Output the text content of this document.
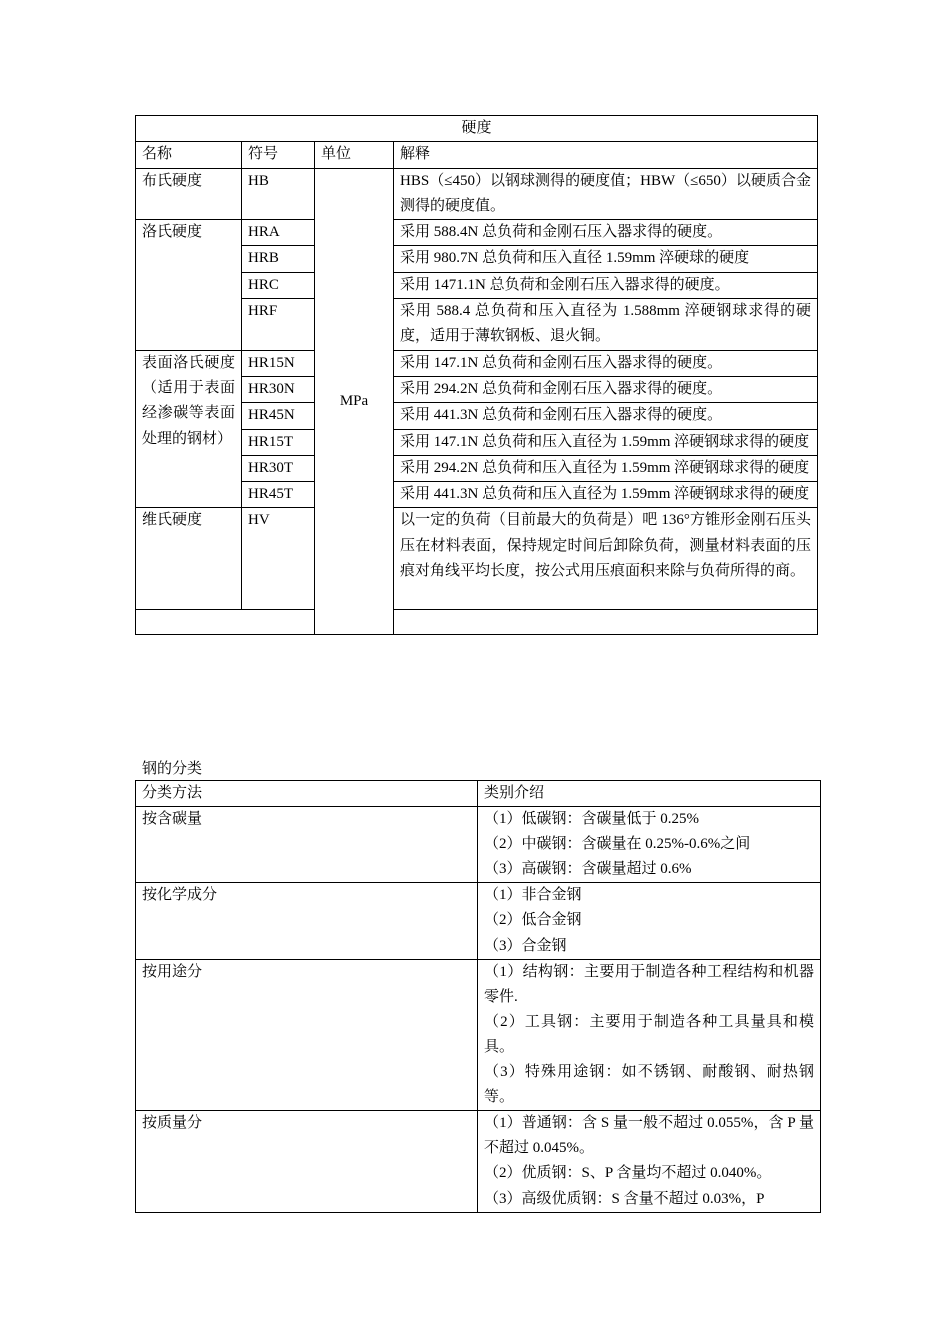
硬度			
名称	符号	单位	解释
布氏硬度	HB	MPa	HBS（≤450）以钢球测得的硬度值；HBW（≤650）以硬质合金测得的硬度值。
洛氏硬度	HRA		采用 588.4N 总负荷和金刚石压入器求得的硬度。
	HRB		采用 980.7N 总负荷和压入直径 1.59mm 淬硬球的硬度
	HRC		采用 1471.1N 总负荷和金刚石压入器求得的硬度。
	HRF		采用 588.4 总负荷和压入直径为 1.588mm 淬硬钢球求得的硬度，适用于薄软钢板、退火铜。
表面洛氏硬度（适用于表面经渗碳等表面处理的钢材）	HR15N		采用 147.1N 总负荷和金刚石压入器求得的硬度。
	HR30N		采用 294.2N 总负荷和金刚石压入器求得的硬度。
	HR45N		采用 441.3N 总负荷和金刚石压入器求得的硬度。
	HR15T		采用 147.1N 总负荷和压入直径为 1.59mm 淬硬钢球求得的硬度
	HR30T		采用 294.2N 总负荷和压入直径为 1.59mm 淬硬钢球求得的硬度
	HR45T		采用 441.3N 总负荷和压入直径为 1.59mm 淬硬钢球求得的硬度
维氏硬度	HV		以一定的负荷（目前最大的负荷是）吧 136°方锥形金刚石压头压在材料表面，保持规定时间后卸除负荷，测量材料表面的压痕对角线平均长度，按公式用压痕面积来除与负荷所得的商。

钢的分类
分类方法	类别介绍
按含碳量	（1）低碳钢：含碳量低于 0.25%
（2）中碳钢：含碳量在 0.25%-0.6%之间
（3）高碳钢：含碳量超过 0.6%

按化学成分	（1）非合金钢
（2）低合金钢
（3）合金钢

按用途分	（1）结构钢：主要用于制造各种工程结构和机器零件.
（2）工具钢：主要用于制造各种工具量具和模具。
（3）特殊用途钢：如不锈钢、耐酸钢、耐热钢等。

按质量分	（1）普通钢：含 S 量一般不超过 0.055%，含 P 量不超过 0.045%。
（2）优质钢：S、P 含量均不超过 0.040%。
（3）高级优质钢：S 含量不超过 0.03%，P
